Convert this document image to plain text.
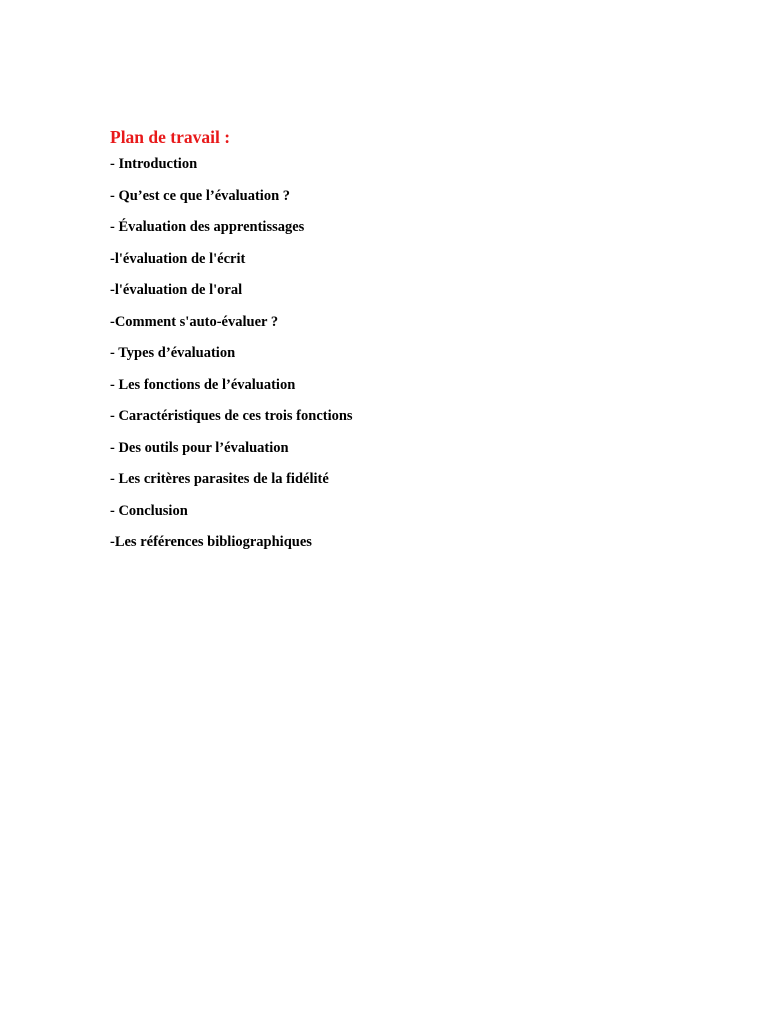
Plan de travail :
- Introduction
- Qu’est ce que l’évaluation ?
- Évaluation des apprentissages
-l'évaluation de l'écrit
-l'évaluation de l'oral
-Comment s'auto-évaluer ?
- Types d’évaluation
- Les fonctions de l’évaluation
- Caractéristiques de ces trois fonctions
- Des outils pour l’évaluation
- Les critères parasites de la fidélité
- Conclusion
-Les références bibliographiques
